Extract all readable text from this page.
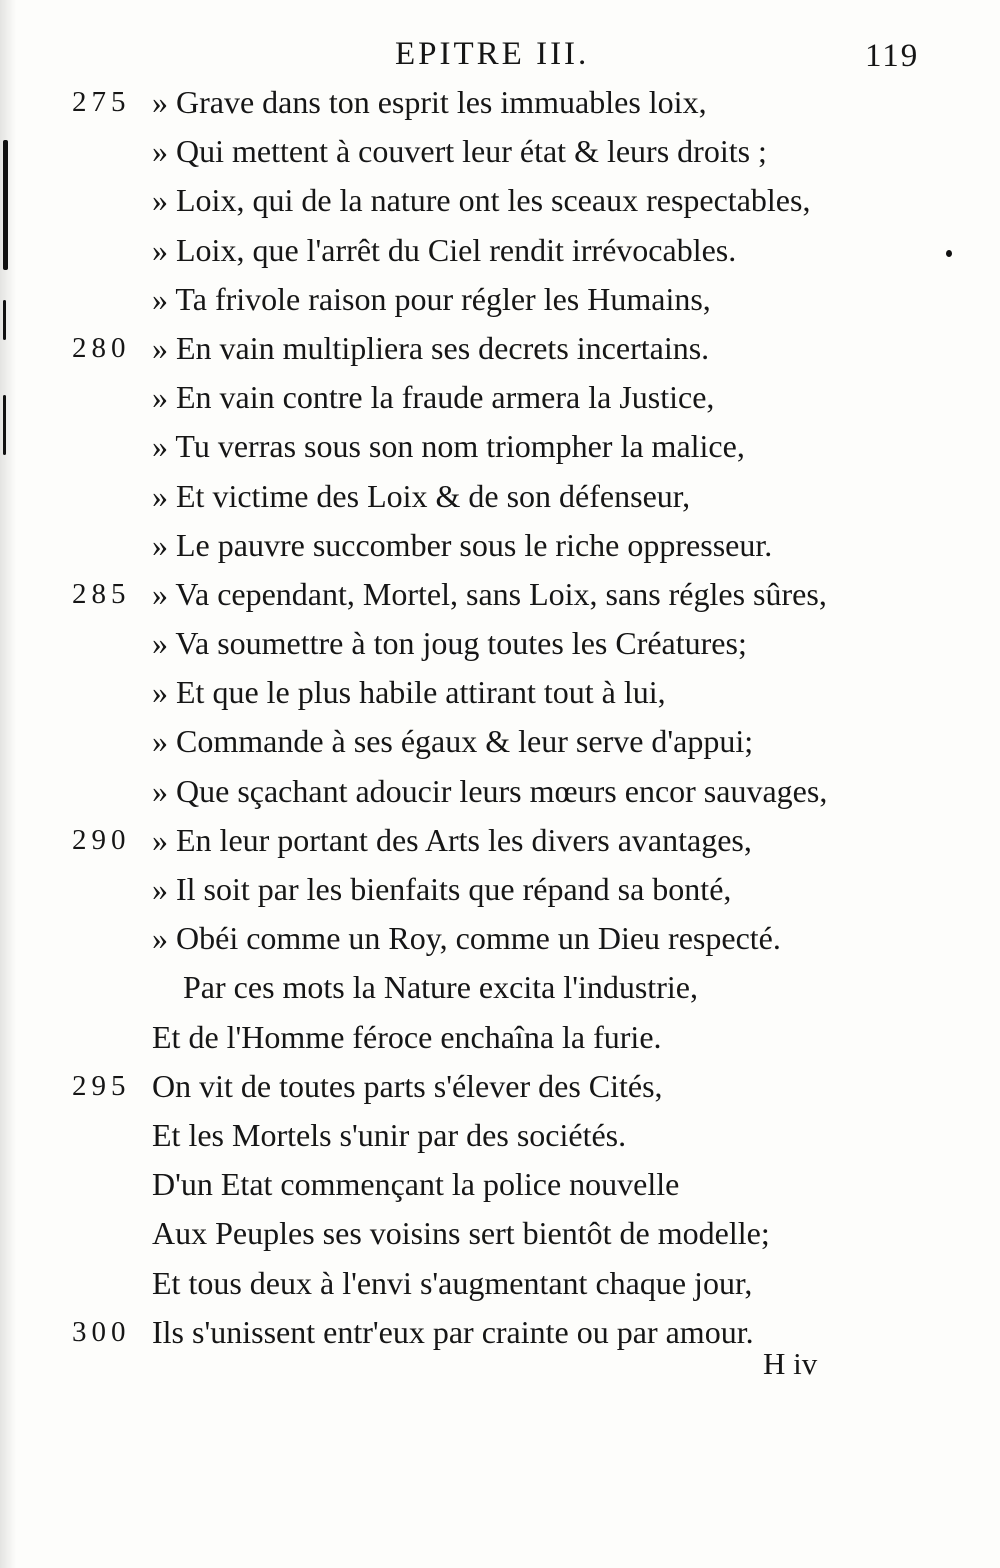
EPITRE III.	119
275 » Grave dans ton esprit les immuables loix,
» Qui mettent à couvert leur état & leurs droits ;
» Loix, qui de la nature ont les sceaux respectables,
» Loix, que l'arrêt du Ciel rendit irrévocables.
» Ta frivole raison pour régler les Humains,
280 » En vain multipliera ses decrets incertains.
» En vain contre la fraude armera la Justice,
» Tu verras sous son nom triompher la malice,
» Et victime des Loix & de son défenseur,
» Le pauvre succomber sous le riche oppresseur.
285 » Va cependant, Mortel, sans Loix, sans régles sûres,
» Va soumettre à ton joug toutes les Créatures;
» Et que le plus habile attirant tout à lui,
» Commande à ses égaux & leur serve d'appui;
» Que sçachant adoucir leurs mœurs encor sauvages,
290 » En leur portant des Arts les divers avantages,
» Il soit par les bienfaits que répand sa bonté,
» Obéi comme un Roy, comme un Dieu respecté.
Par ces mots la Nature excita l'industrie,
Et de l'Homme féroce enchaîna la furie.
295 On vit de toutes parts s'élever des Cités,
Et les Mortels s'unir par des sociétés.
D'un Etat commençant la police nouvelle
Aux Peuples ses voisins sert bientôt de modelle;
Et tous deux à l'envi s'augmentant chaque jour,
300 Ils s'unissent entr'eux par crainte ou par amour.
H iv
